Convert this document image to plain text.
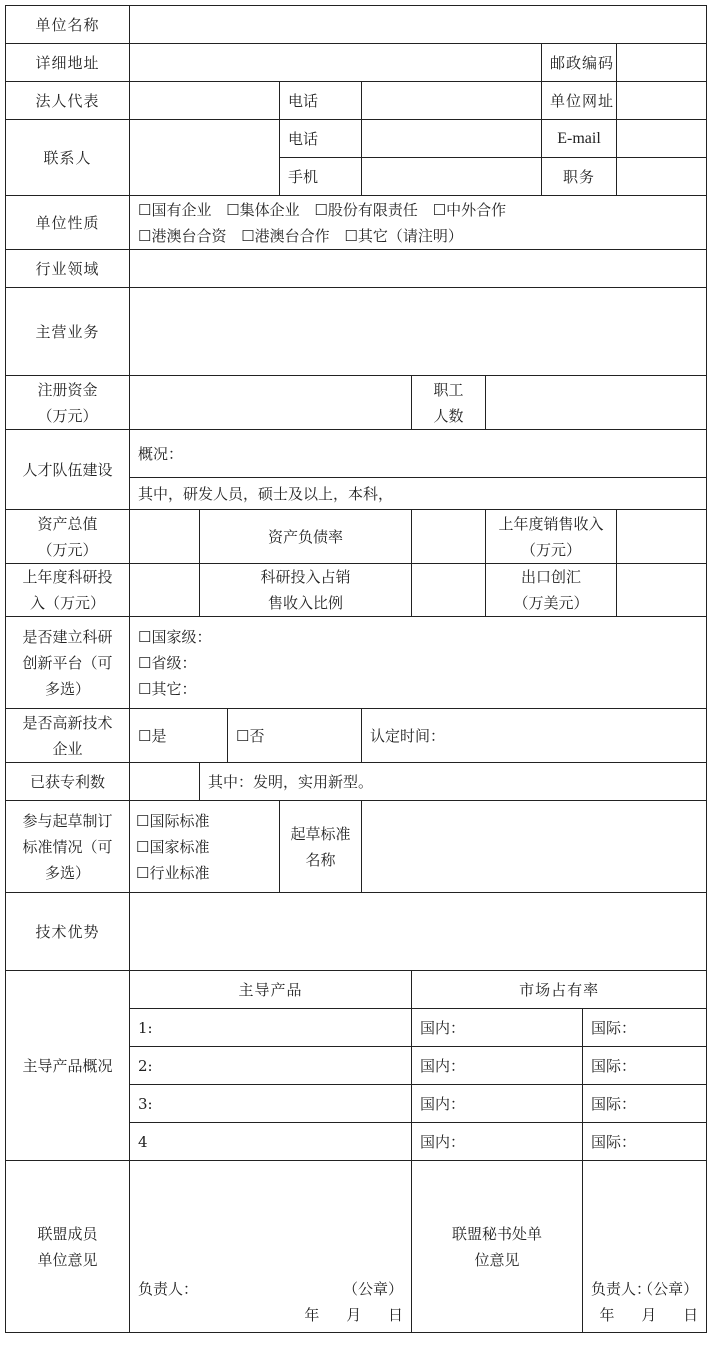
单位名称										
详细地址								邮政编码		
法人代表				电话				单位网址		
联系人				电话				E-mail		
				手机				职务		
单位性质	☐国有企业 ☐集体企业 ☐股份有限责任 ☐中外合作
☐港澳台合资 ☐港澳台合作 ☐其它（请注明）									

行业领域										
主营业务										

注册资金
（万元）						职工
人数				

人才队伍建设	概况：									
	其中，研发人员，硕士及以上，本科，									

资产总值
（万元）		资产负债率					上年度销售收入
（万元）			

上年度科研投
入（万元）		科研投入占销
售收入比例					出口创汇
（万美元）			

是否建立科研
创新平台（可
多选）	☐国家级：
☐省级：
☐其它：									

是否高新技术
企业	☐是		☐否		认定时间：					
已获专利数		其中：发明，实用新型。								

参与起草制订
标准情况（可
多选）	☐国际标准
☐国家标准
☐行业标准			起草标准
名称						

技术优势										
主导产品概况	主导产品					市场占有率				
	1:					国内：			国际：	
	2:					国内：			国际：	
	3:					国内：			国际：	
	4					国内：			国际：	

联盟成员
单位意见	负责人： （公章）
年 月 日					联盟秘书处单
位意见			负责人：
（公章）
年 月 日	
